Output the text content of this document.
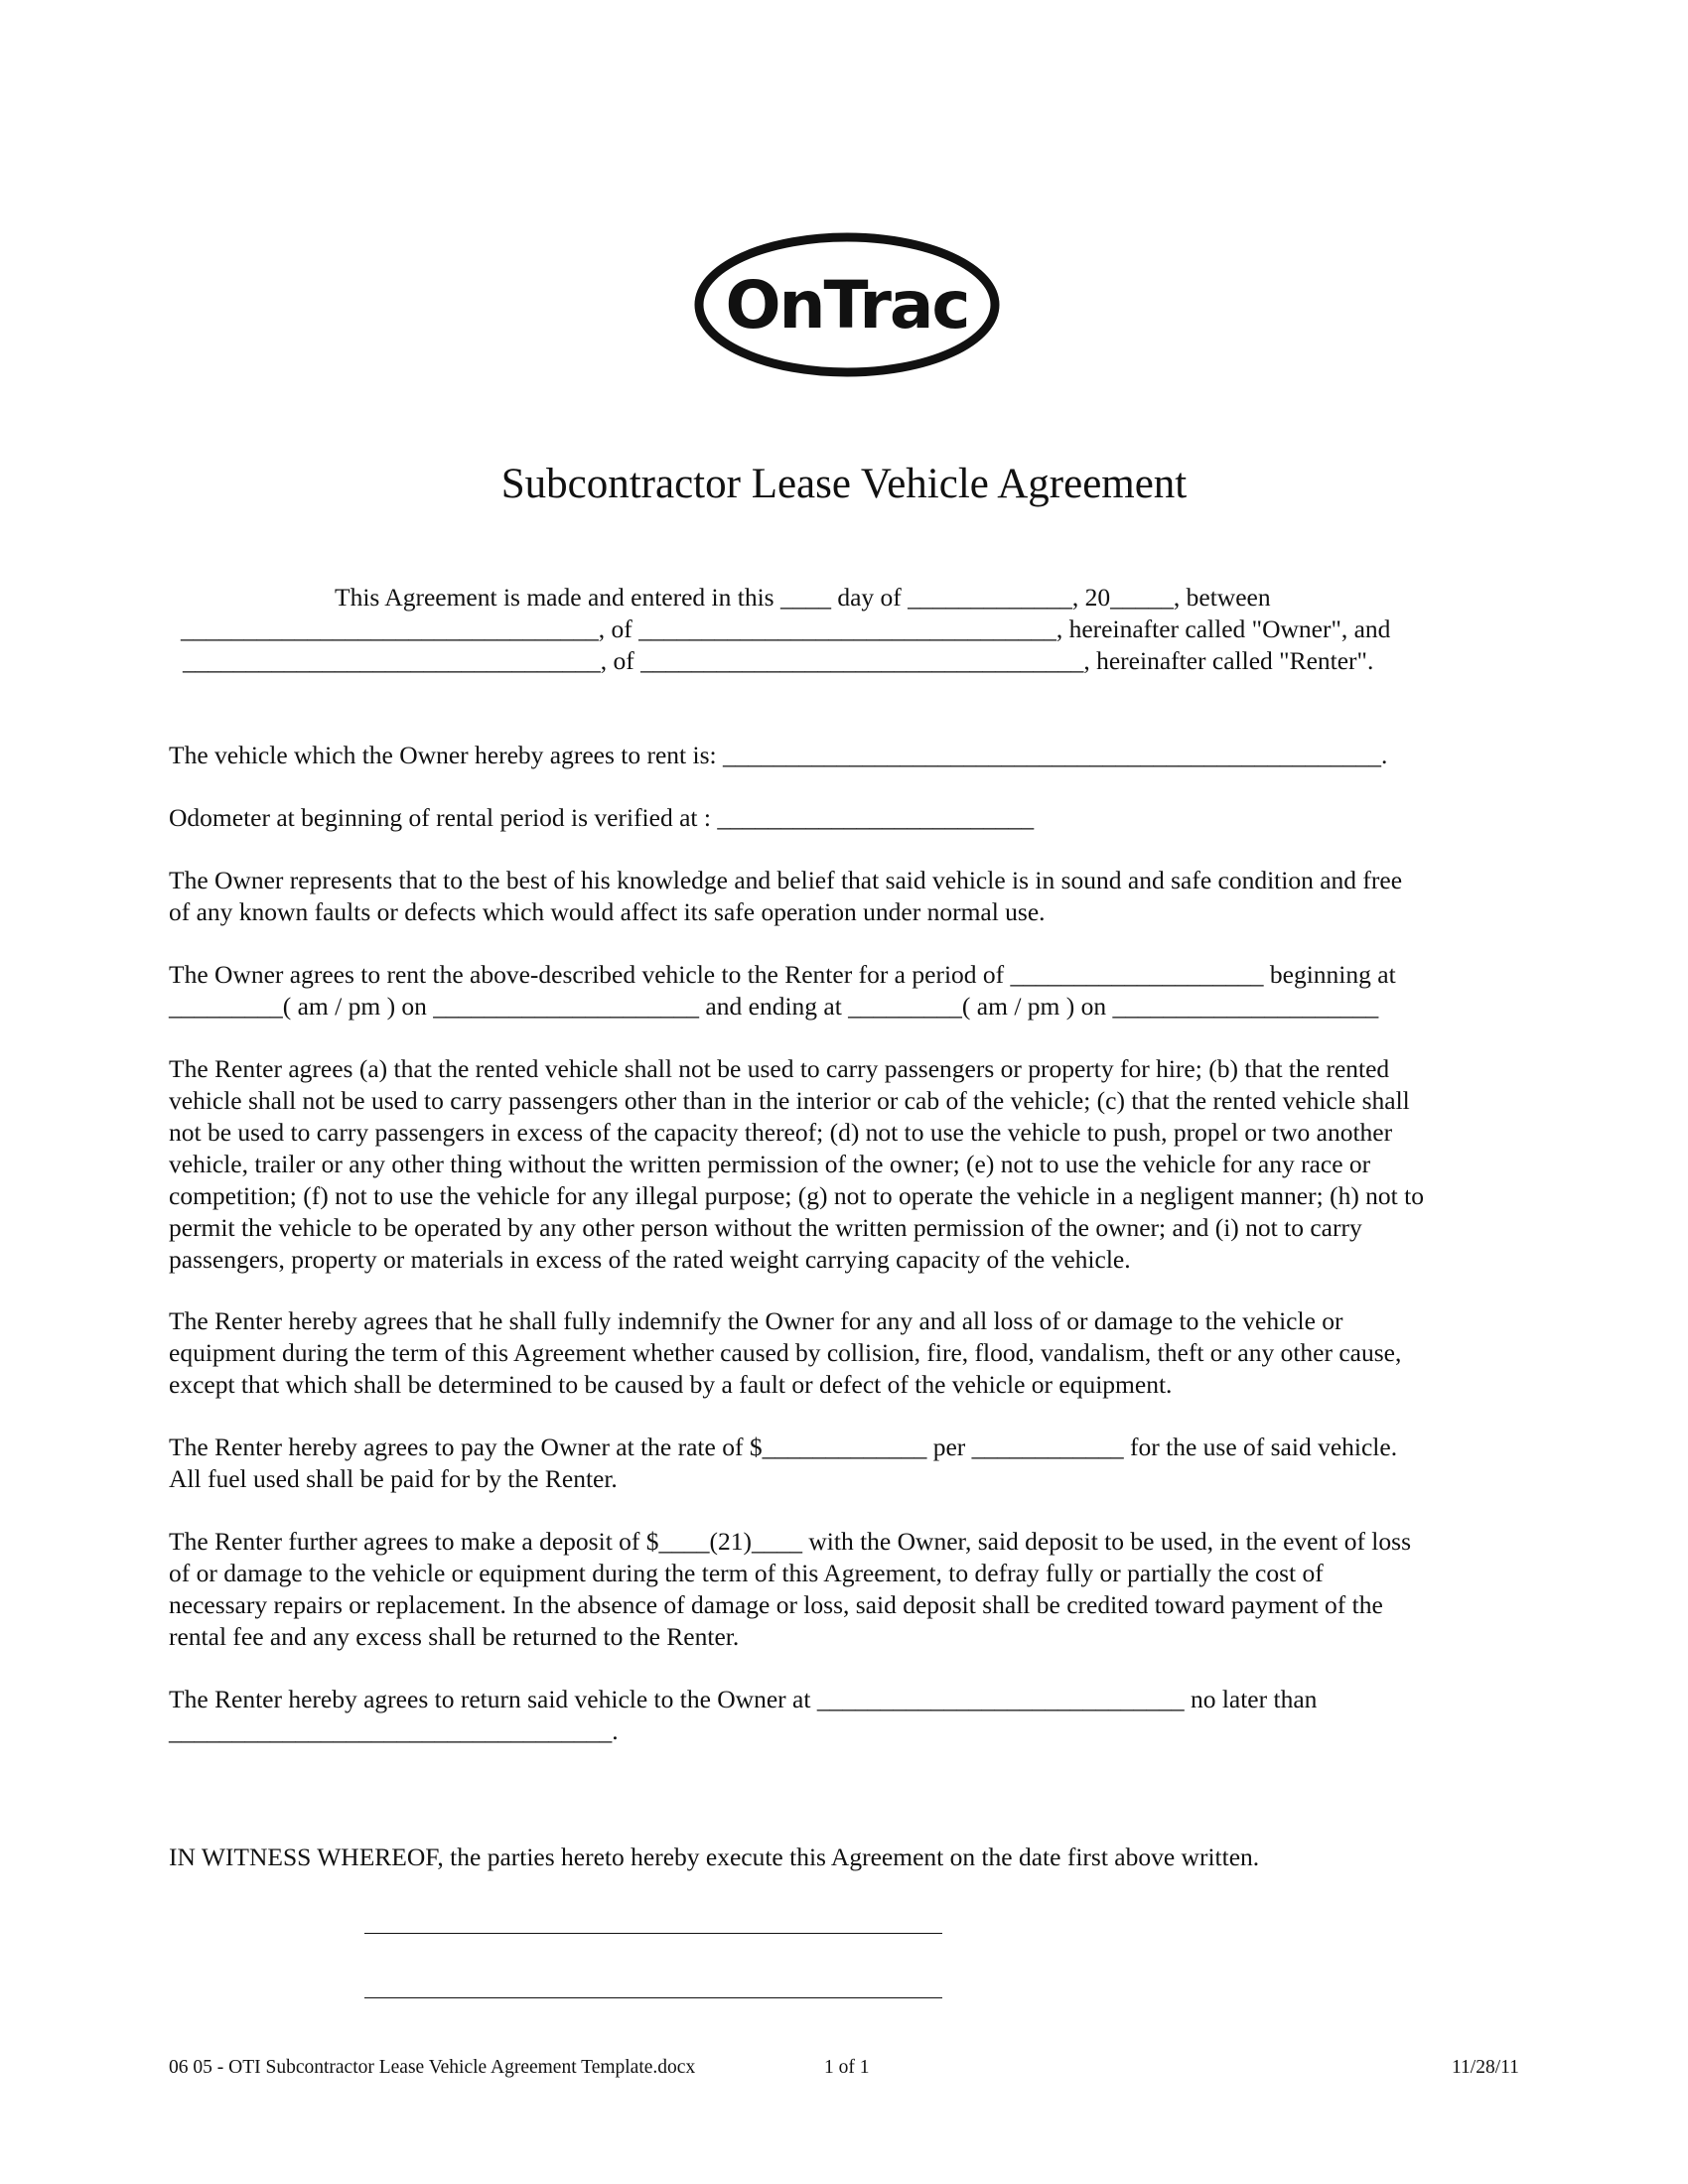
OnTrac
Subcontractor Lease Vehicle Agreement
This Agreement is made and entered in this ____ day of _____________, 20_____, between
_________________________________, of _________________________________, hereinafter called "Owner", and
_________________________________, of ___________________________________, hereinafter called "Renter".
The vehicle which the Owner hereby agrees to rent is: ____________________________________________________.
Odometer at beginning of rental period is verified at : _________________________
The Owner represents that to the best of his knowledge and belief that said vehicle is in sound and safe condition and free
of any known faults or defects which would affect its safe operation under normal use.
The Owner agrees to rent the above-described vehicle to the Renter for a period of ____________________ beginning at
_________( am / pm ) on _____________________ and ending at _________( am / pm ) on _____________________
The Renter agrees (a) that the rented vehicle shall not be used to carry passengers or property for hire; (b) that the rented
vehicle shall not be used to carry passengers other than in the interior or cab of the vehicle; (c) that the rented vehicle shall
not be used to carry passengers in excess of the capacity thereof; (d) not to use the vehicle to push, propel or two another
vehicle, trailer or any other thing without the written permission of the owner; (e) not to use the vehicle for any race or
competition; (f) not to use the vehicle for any illegal purpose; (g) not to operate the vehicle in a negligent manner; (h) not to
permit the vehicle to be operated by any other person without the written permission of the owner; and (i) not to carry
passengers, property or materials in excess of the rated weight carrying capacity of the vehicle.
The Renter hereby agrees that he shall fully indemnify the Owner for any and all loss of or damage to the vehicle or
equipment during the term of this Agreement whether caused by collision, fire, flood, vandalism, theft or any other cause,
except that which shall be determined to be caused by a fault or defect of the vehicle or equipment.
The Renter hereby agrees to pay the Owner at the rate of $_____________ per ____________ for the use of said vehicle.
All fuel used shall be paid for by the Renter.
The Renter further agrees to make a deposit of $____(21)____ with the Owner, said deposit to be used, in the event of loss
of or damage to the vehicle or equipment during the term of this Agreement, to defray fully or partially the cost of
necessary repairs or replacement. In the absence of damage or loss, said deposit shall be credited toward payment of the
rental fee and any excess shall be returned to the Renter.
The Renter hereby agrees to return said vehicle to the Owner at _____________________________ no later than
___________________________________.
IN WITNESS WHEREOF, the parties hereto hereby execute this Agreement on the date first above written.
06 05 - OTI Subcontractor Lease Vehicle Agreement Template.docx	1 of 1	11/28/11
